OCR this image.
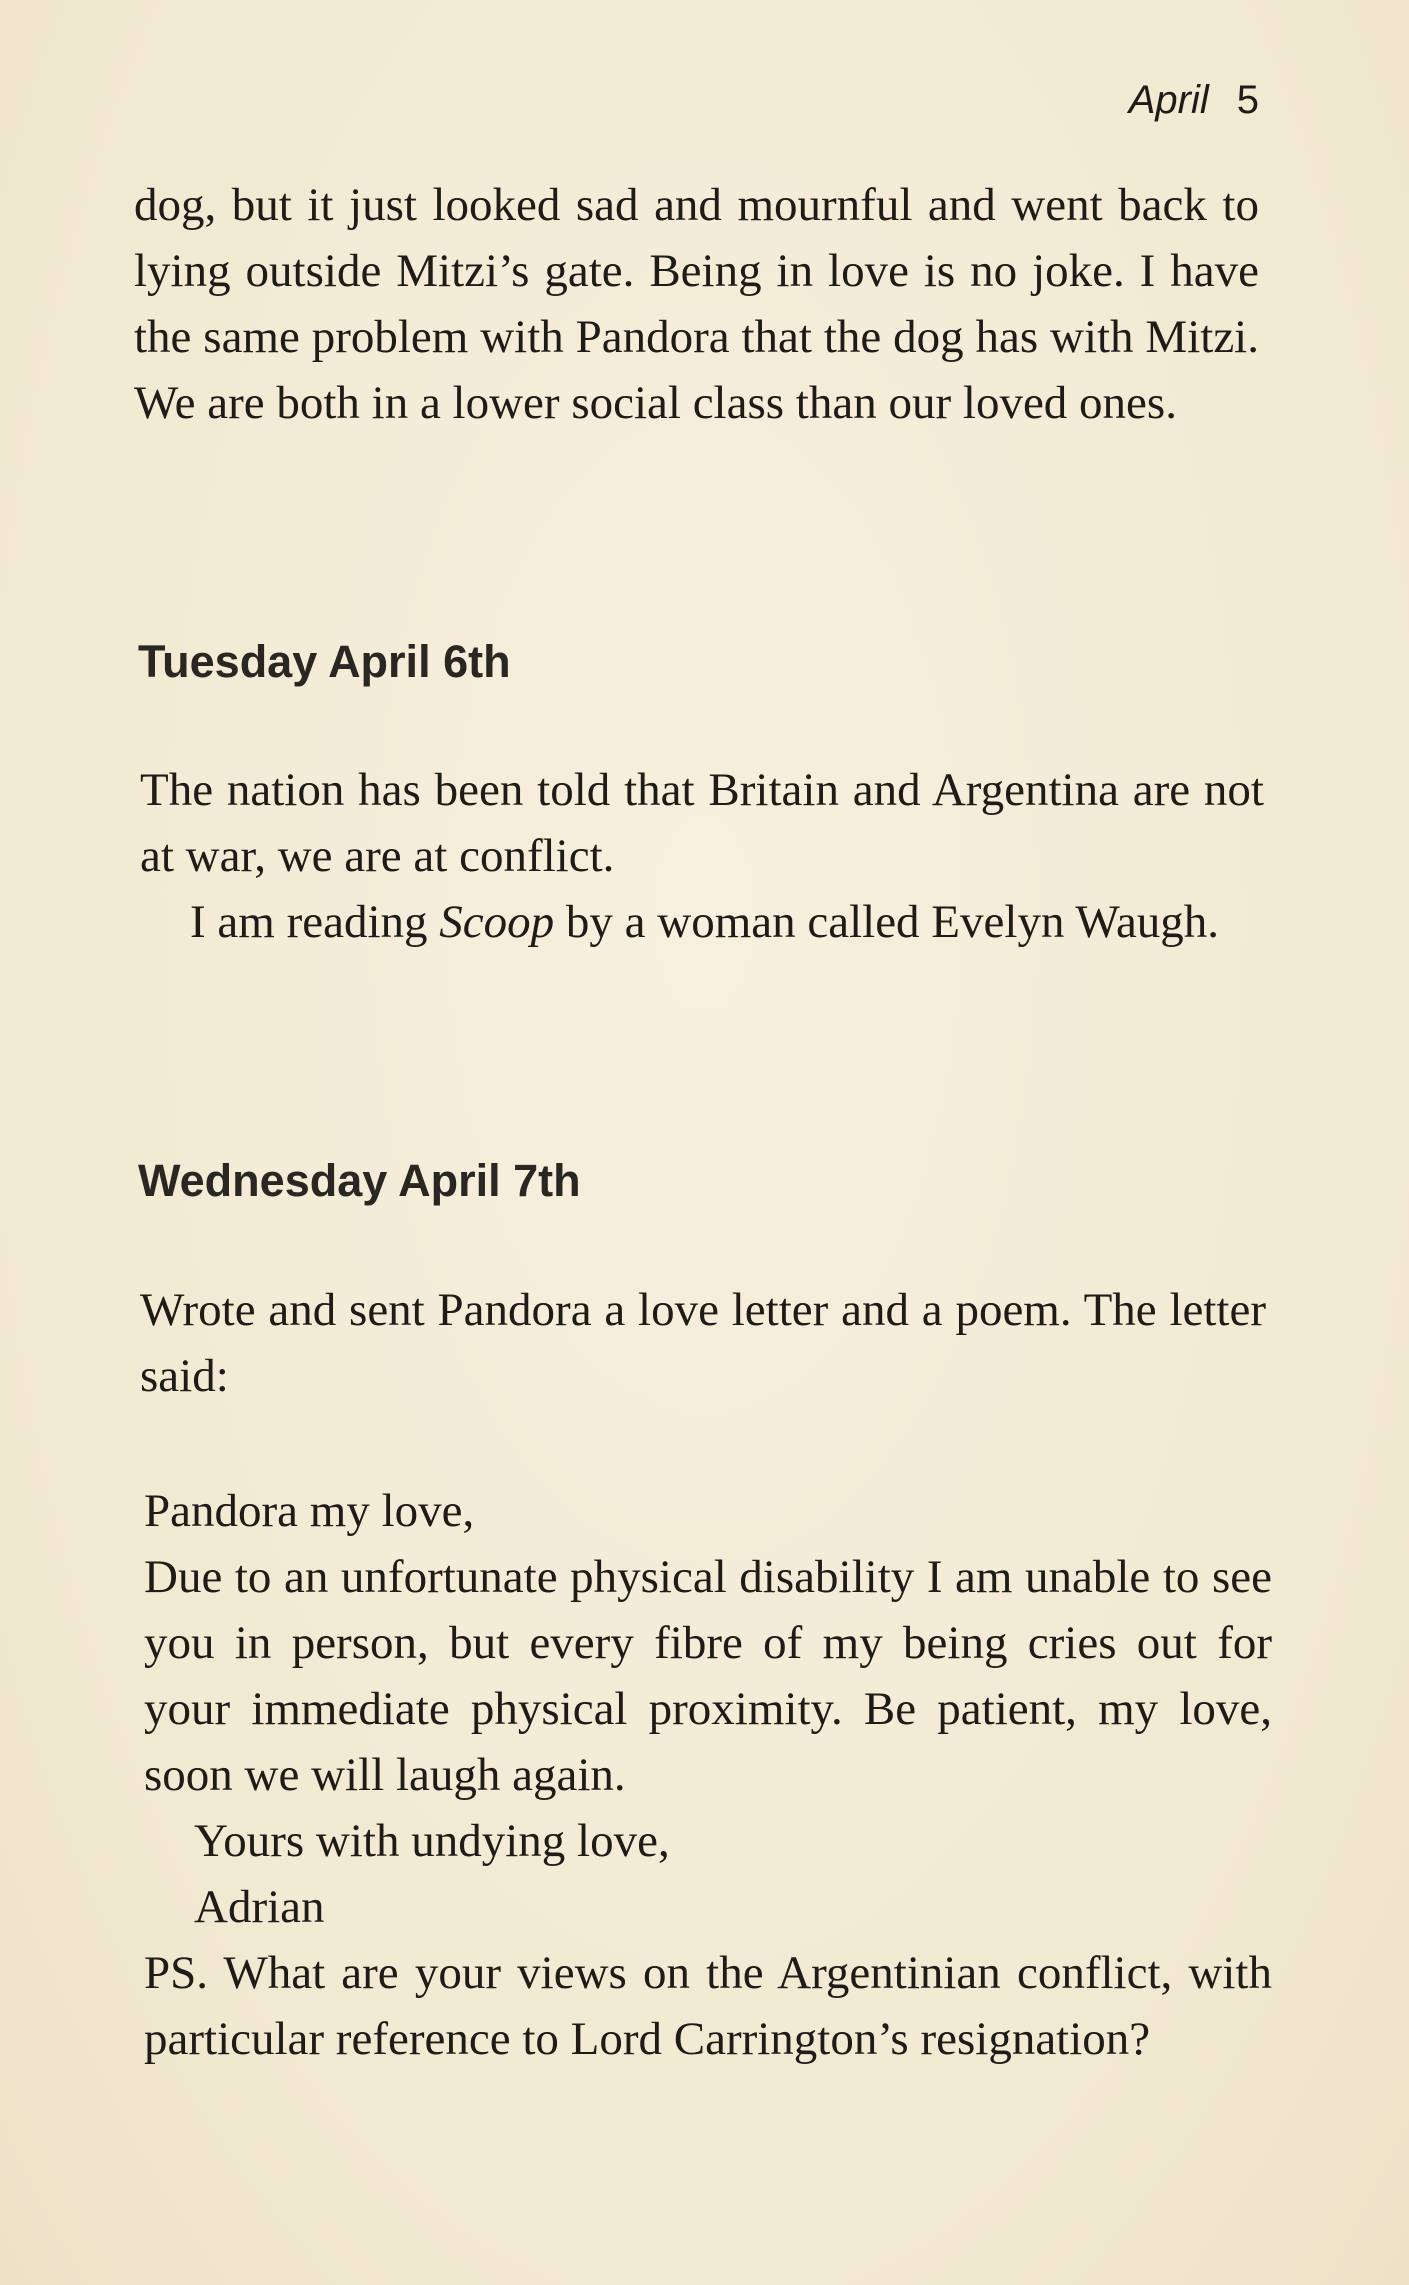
April 5

dog, but it just looked sad and mournful and went back to lying outside Mitzi’s gate. Being in love is no joke. I have the same problem with Pandora that the dog has with Mitzi. We are both in a lower social class than our loved ones.

Tuesday April 6th

The nation has been told that Britain and Argentina are not at war, we are at conflict.

I am reading Scoop by a woman called Evelyn Waugh.

Wednesday April 7th

Wrote and sent Pandora a love letter and a poem. The letter said:

Pandora my love,

Due to an unfortunate physical disability I am unable to see you in person, but every fibre of my being cries out for your immediate physical proximity. Be patient, my love, soon we will laugh again.

Yours with undying love,

Adrian

PS. What are your views on the Argentinian conflict, with particular reference to Lord Carrington’s resignation?
